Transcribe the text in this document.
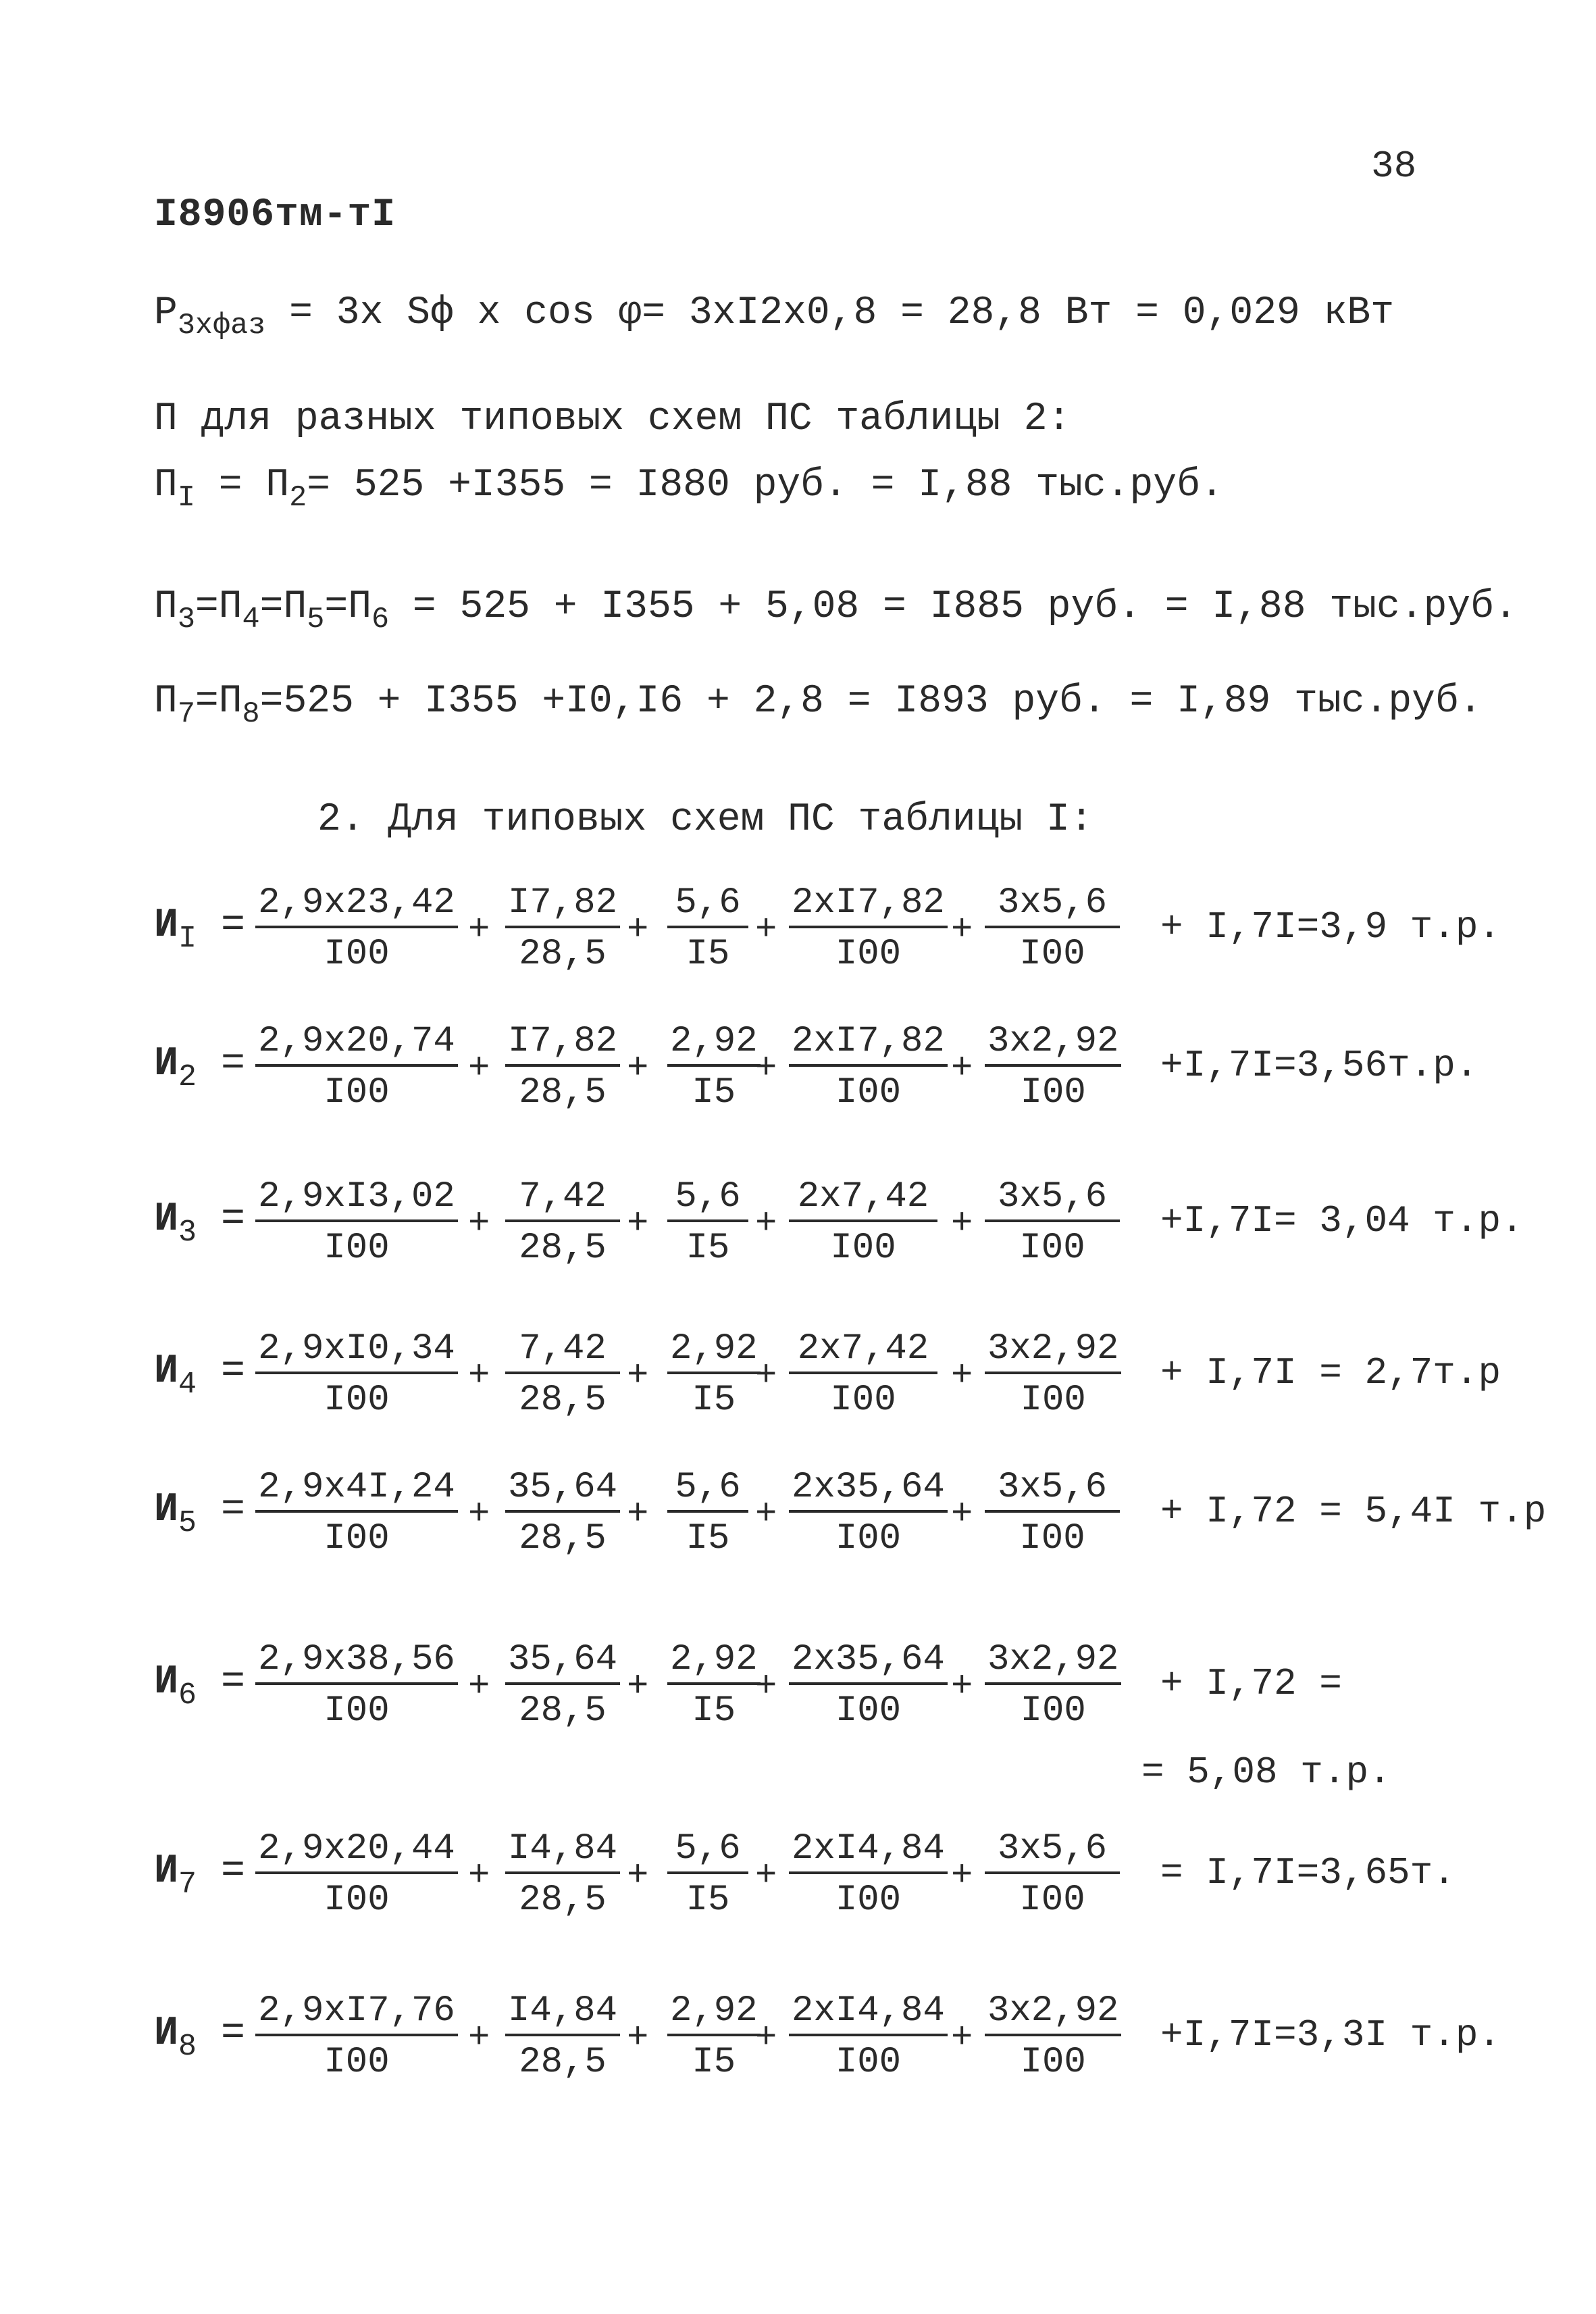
38
I8906тм-тI
$P_{3xфаз} = 3x$ Sф x cos φ= 3xI2x0,8 = 28,8 Вт = 0,029 кВт
П для разных типовых схем ПС таблицы 2:
$П_I = П_2= 525 +I355 = I880$ руб. = I,88 тыс.руб.
$П_3=П_4=П_5=П_6 = 525 + I355 + 5,08 = I885$ руб. = I,88 тыс.руб.
$П_7=П_8=525 + I355 +I0,I6 + 2,8 = I893$ руб. = I,89 тыс.руб.
2. Для типовых схем ПС таблицы I:
$И_I = \frac{2,9x23,42}{I00} + \frac{I7,82}{28,5} + \frac{5,6}{I5} + \frac{2xI7,82}{I00} + \frac{3x5,6}{I00} + I,7I=3,9$ т.р.
$И_2 = \frac{2,9x20,74}{I00} + \frac{I7,82}{28,5} + \frac{2,92}{I5}$
+ $\frac{2xI7,82}{I00} + \frac{3x2,92}{I00} +I,7I=3,56т.р$.
$И_3 = \frac{2,9xI3,02}{I00} + \frac{7,42}{28,5} + \frac{5,6}{I5} + \frac{2x7,42}{I00} + \frac{3x5,6}{I00} +I,7I= 3,04$ т.р.
$И_4 = \frac{2,9xI0,34}{I00} + \frac{7,42}{28,5} + \frac{2,92}{I5}$
+ $\frac{2x7,42}{I00} + \frac{3x2,92}{I00} + I,7I = 2,7т.р$
$И_5 = \frac{2,9x4I,24}{I00} + \frac{35,64}{28,5} + \frac{5,6}{I5} + \frac{2x35,64}{I00} + \frac{3x5,6}{I00} + I,72 = 5,4I$ т.р
$И_6 = \frac{2,9x38,56}{I00} + \frac{35,64}{28,5} + \frac{2,92}{I5}$
+ $\frac{2x35,64}{I00} + \frac{3x2,92}{I00} + I,72$ =
$И_7 = \frac{2,9x20,44}{I00} + \frac{I4,84}{28,5} + \frac{5,6}{I5} + \frac{2xI4,84}{I00} + \frac{3x5,6}{I00} = I,7I=3,65т$.
$И_8 = \frac{2,9xI7,76}{I00} + \frac{I4,84}{28,5} + \frac{2,92}{I5}$
+ $\frac{2xI4,84}{I00} + \frac{3x2,92}{I00} +I,7I=3,3I$ т.р.
= 5,08 т.р.
